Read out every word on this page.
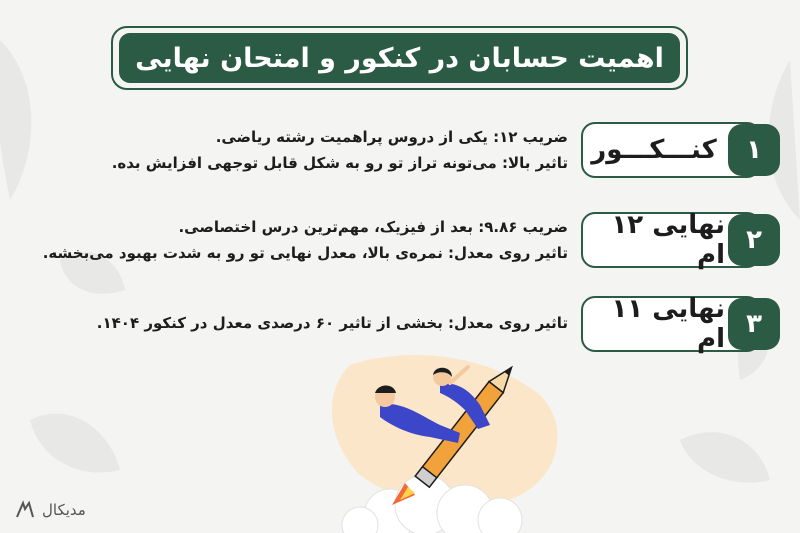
اهمیت حسابان در کنکور و امتحان نهایی
کنـــکـــور	۱
ضریب ۱۲: یکی از دروس پراهمیت رشته ریاضی.
تاثیر بالا: می‌تونه تراز تو رو به شکل قابل توجهی افزایش بده.
نهایی ۱۲ ام ۲
ضریب ۹.۸۶: بعد از فیزیک، مهم‌ترین درس اختصاصی.
تاثیر روی معدل: نمره‌ی بالا، معدل نهایی تو رو به شدت بهبود می‌بخشه.
نهایی ۱۱ ام ۳
تاثیر روی معدل: بخشی از تاثیر ۶۰ درصدی معدل در کنکور ۱۴۰۴.
مدیکال
